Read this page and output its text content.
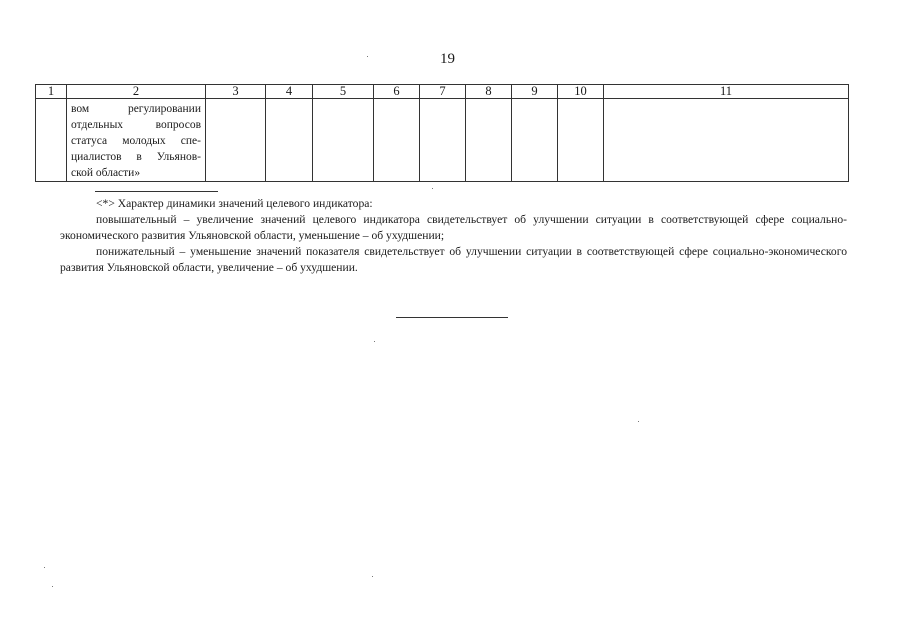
19
1	2	3	4	5	6	7	8	9	10	11

	вом регулировании
отдельных вопросов
статуса молодых спе-
циалистов в Ульянов-
ской области»									

<*> Характер динамики значений целевого индикатора:

повышательный – увеличение значений целевого индикатора свидетельствует об улучшении ситуации в соответствующей сфере социально-экономического развития Ульяновской области, уменьшение – об ухудшении;

понижательный – уменьшение значений показателя свидетельствует об улучшении ситуации в соответствующей сфере социально-экономического развития Ульяновской области, увеличение – об ухудшении.
